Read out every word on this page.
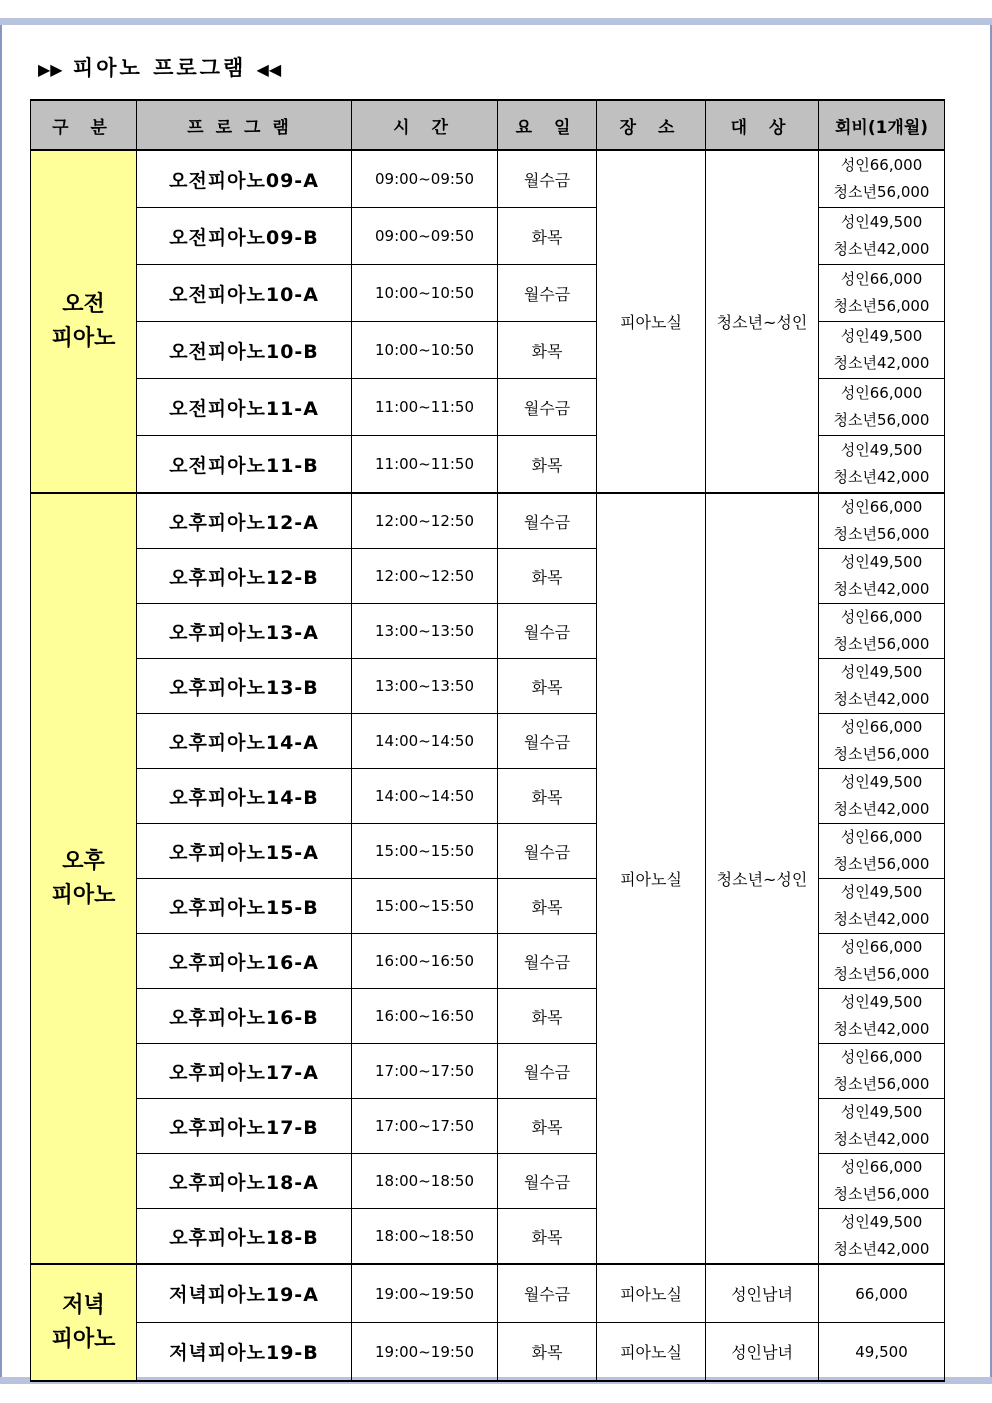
▶▶ 피아노 프로그램 ◀◀
구 분	프로그램	시 간	요 일	장 소	대 상	회비(1개월)
오전
피아노	오전피아노09-A	09:00~09:50	월수금	피아노실	청소년~성인	성인66,000
청소년56,000
	오전피아노09-B	09:00~09:50	화목			성인49,500
청소년42,000
	오전피아노10-A	10:00~10:50	월수금			성인66,000
청소년56,000
	오전피아노10-B	10:00~10:50	화목			성인49,500
청소년42,000
	오전피아노11-A	11:00~11:50	월수금			성인66,000
청소년56,000
	오전피아노11-B	11:00~11:50	화목			성인49,500
청소년42,000
오후
피아노	오후피아노12-A	12:00~12:50	월수금	피아노실	청소년~성인	성인66,000
청소년56,000
	오후피아노12-B	12:00~12:50	화목			성인49,500
청소년42,000
	오후피아노13-A	13:00~13:50	월수금			성인66,000
청소년56,000
	오후피아노13-B	13:00~13:50	화목			성인49,500
청소년42,000
	오후피아노14-A	14:00~14:50	월수금			성인66,000
청소년56,000
	오후피아노14-B	14:00~14:50	화목			성인49,500
청소년42,000
	오후피아노15-A	15:00~15:50	월수금			성인66,000
청소년56,000
	오후피아노15-B	15:00~15:50	화목			성인49,500
청소년42,000
	오후피아노16-A	16:00~16:50	월수금			성인66,000
청소년56,000
	오후피아노16-B	16:00~16:50	화목			성인49,500
청소년42,000
	오후피아노17-A	17:00~17:50	월수금			성인66,000
청소년56,000
	오후피아노17-B	17:00~17:50	화목			성인49,500
청소년42,000
	오후피아노18-A	18:00~18:50	월수금			성인66,000
청소년56,000
	오후피아노18-B	18:00~18:50	화목			성인49,500
청소년42,000
저녁
피아노	저녁피아노19-A	19:00~19:50	월수금	피아노실	성인남녀	66,000
	저녁피아노19-B	19:00~19:50	화목	피아노실	성인남녀	49,500
